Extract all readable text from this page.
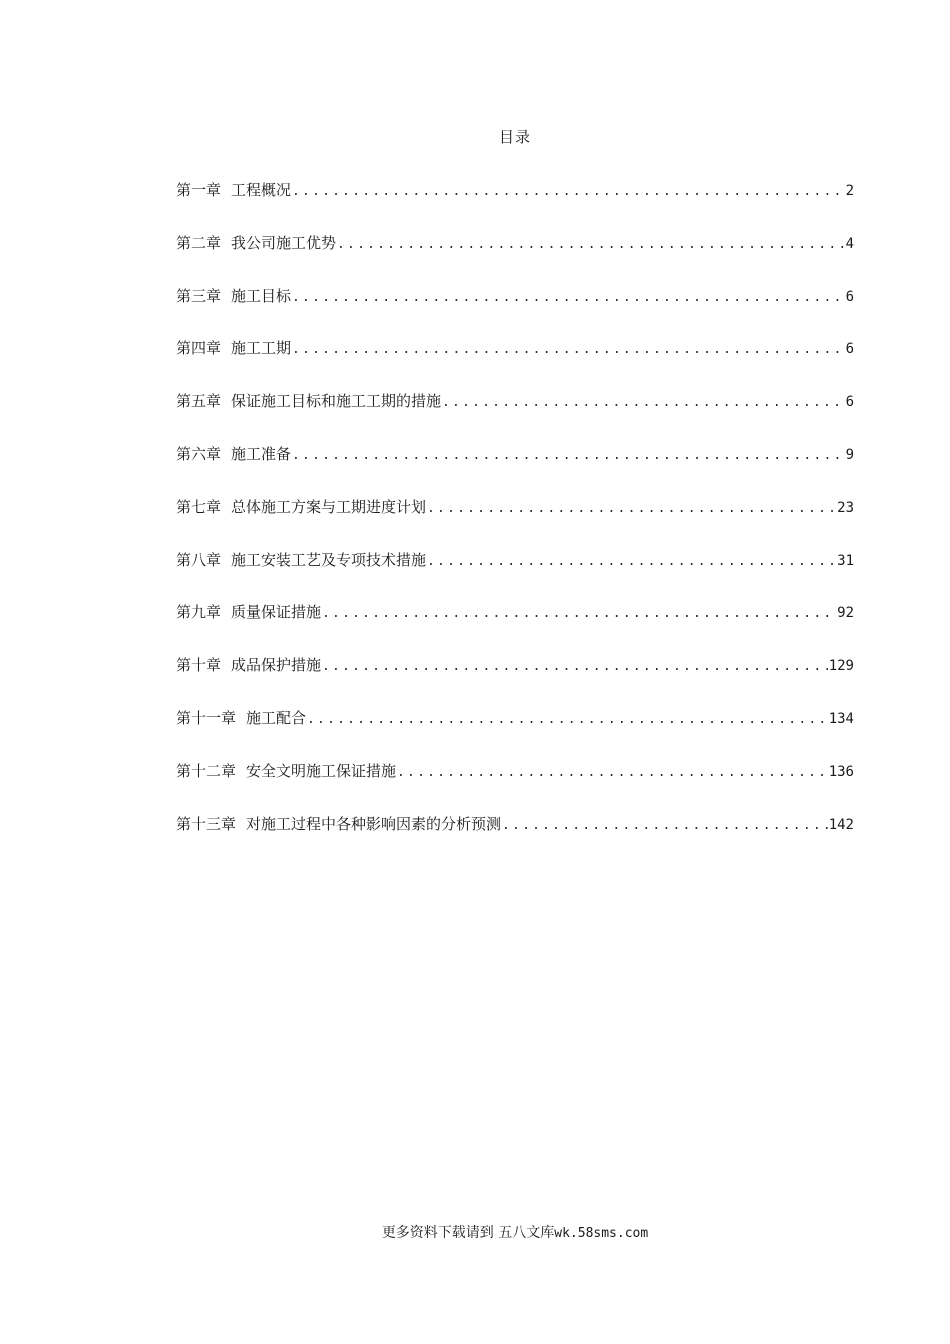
目录
第一章 工程概况 .....	2
第二章 我公司施工优势 .....	4
第三章 施工目标 .....	6
第四章 施工工期 .....	6
第五章 保证施工目标和施工工期的措施 .....	6
第六章 施工准备 .....	9
第七章 总体施工方案与工期进度计划 .....	23
第八章 施工安装工艺及专项技术措施 .....	31
第九章 质量保证措施 .....	92
第十章 成品保护措施 .....	129
第十一章 施工配合 .....	134
第十二章 安全文明施工保证措施 .....	136
第十三章 对施工过程中各种影响因素的分析预测 .....	142
更多资料下载请到 五八文库wk.58sms.com
